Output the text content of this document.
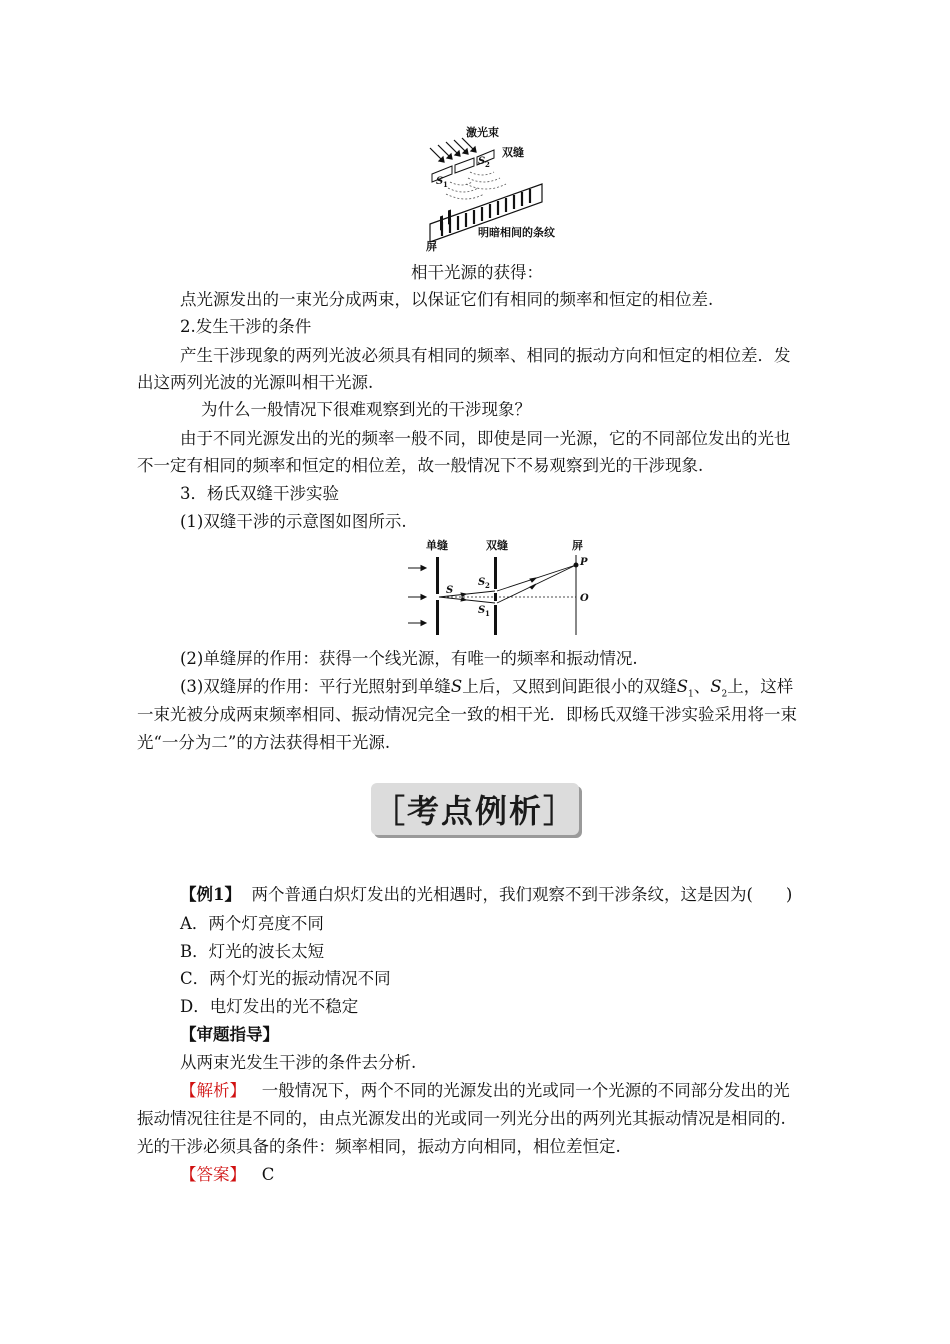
激光束
S 1
S 2
双缝
屏
明暗相间的条纹
相干光源的获得：
点光源发出的一束光分成两束，以保证它们有相同的频率和恒定的相位差.
2.发生干涉的条件
产生干涉现象的两列光波必须具有相同的频率、相同的振动方向和恒定的相位差．发
出这两列光波的光源叫相干光源.
为什么一般情况下很难观察到光的干涉现象？
由于不同光源发出的光的频率一般不同，即使是同一光源，它的不同部位发出的光也
不一定有相同的频率和恒定的相位差，故一般情况下不易观察到光的干涉现象.
3．杨氏双缝干涉实验
(1)双缝干涉的示意图如图所示.
单缝	双缝	屏
S
S 2
S 1
P
O
(2)单缝屏的作用：获得一个线光源，有唯一的频率和振动情况.
(3)双缝屏的作用：平行光照射到单缝S上后，又照到间距很小的双缝$S_1$、$S_2$上，这样
一束光被分成两束频率相同、振动情况完全一致的相干光．即杨氏双缝干涉实验采用将一束
光“一分为二”的方法获得相干光源.
［考点例析］
【例1】 两个普通白炽灯发出的光相遇时，我们观察不到干涉条纹，这是因为(　　)
A．两个灯亮度不同
B．灯光的波长太短
C．两个灯光的振动情况不同
D．电灯发出的光不稳定
【审题指导】
从两束光发生干涉的条件去分析.
【解析】 一般情况下，两个不同的光源发出的光或同一个光源的不同部分发出的光
振动情况往往是不同的，由点光源发出的光或同一列光分出的两列光其振动情况是相同的.
光的干涉必须具备的条件：频率相同，振动方向相同，相位差恒定.
【答案】 C
